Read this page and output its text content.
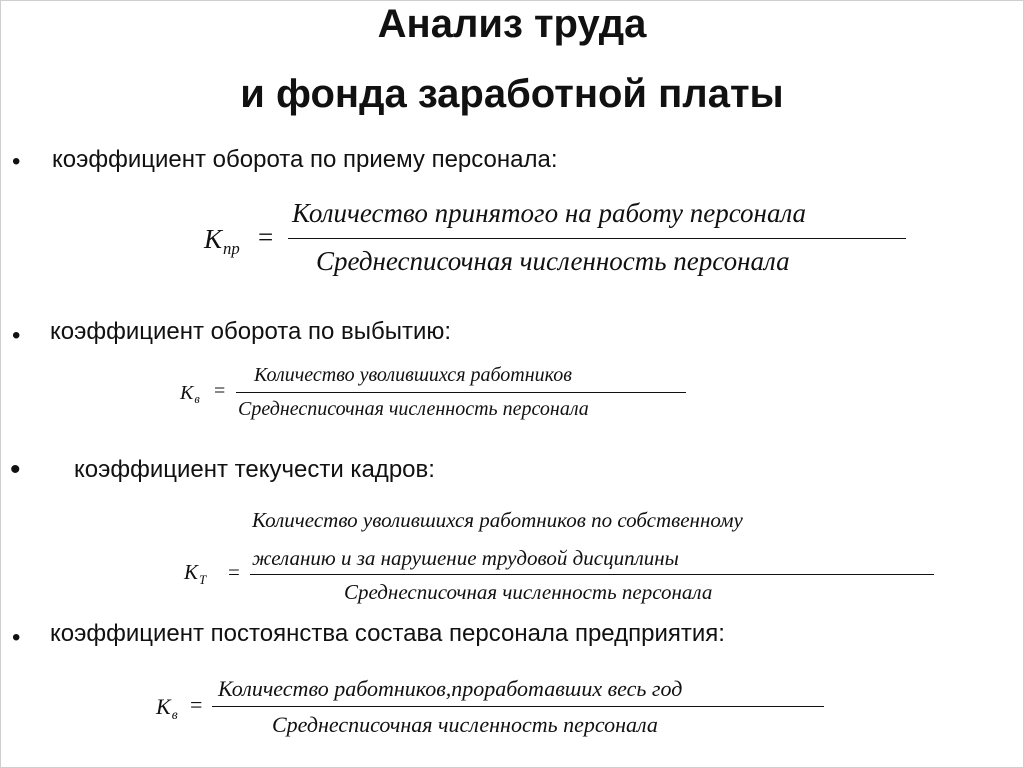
Анализ труда
и фонда заработной платы
• коэффициент оборота по приему персонала:
$K_{пр}$ =
Количество принятого на работу персонала
Среднесписочная численность персонала
• коэффициент оборота по выбытию:
$K_в$ =
Количество уволившихся работников
Среднесписочная численность персонала
• коэффициент текучести кадров:
Количество уволившихся работников по собственному
желанию и за нарушение трудовой дисциплины
$K_T$ =
Среднесписочная численность персонала
• коэффициент постоянства состава персонала предприятия:
$K_в$ =
Количество работников,проработавших весь год
Среднесписочная численность персонала
